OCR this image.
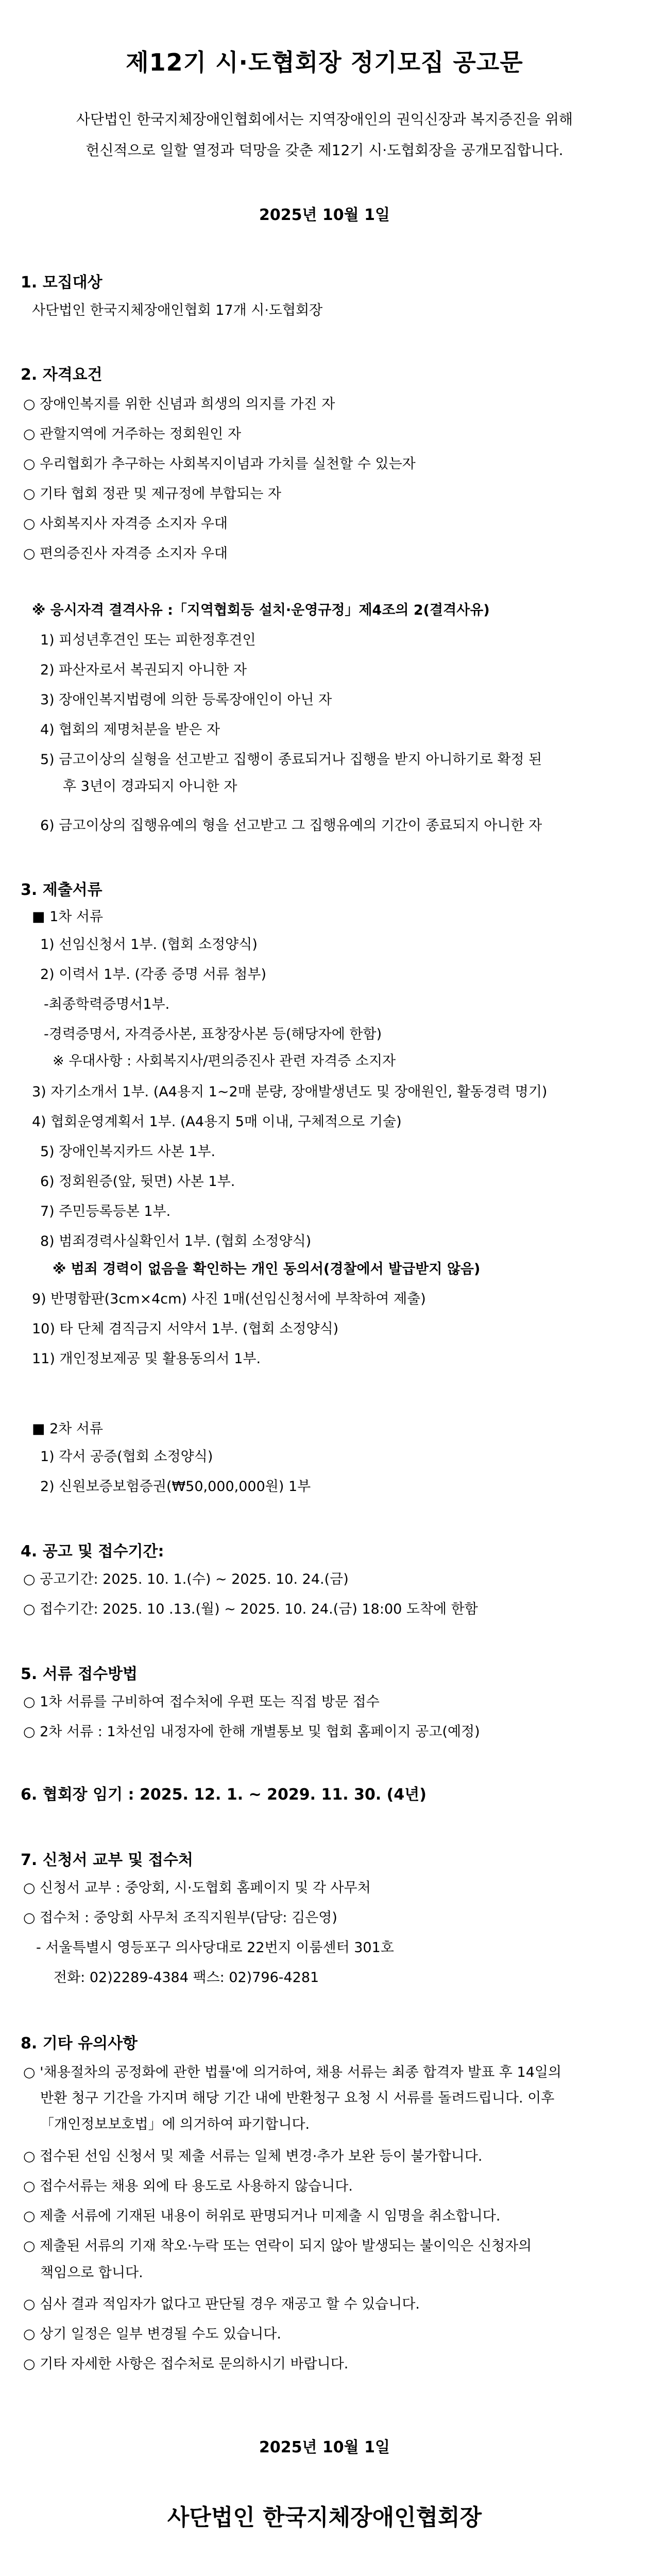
제12기 시·도협회장 정기모집 공고문
사단법인 한국지체장애인협회에서는 지역장애인의 권익신장과 복지증진을 위해
헌신적으로 일할 열정과 덕망을 갖춘 제12기 시·도협회장을 공개모집합니다.
2025년 10월 1일
1. 모집대상
사단법인 한국지체장애인협회 17개 시·도협회장
2. 자격요건
○ 장애인복지를 위한 신념과 희생의 의지를 가진 자
○ 관할지역에 거주하는 정회원인 자
○ 우리협회가 추구하는 사회복지이념과 가치를 실천할 수 있는자
○ 기타 협회 정관 및 제규정에 부합되는 자
○ 사회복지사 자격증 소지자 우대
○ 편의증진사 자격증 소지자 우대
※ 응시자격 결격사유 :「지역협회등 설치·운영규정」제4조의 2(결격사유)
1) 피성년후견인 또는 피한정후견인
2) 파산자로서 복권되지 아니한 자
3) 장애인복지법령에 의한 등록장애인이 아닌 자
4) 협회의 제명처분을 받은 자
5) 금고이상의 실형을 선고받고 집행이 종료되거나 집행을 받지 아니하기로 확정 된
후 3년이 경과되지 아니한 자
6) 금고이상의 집행유예의 형을 선고받고 그 집행유예의 기간이 종료되지 아니한 자
3. 제출서류
■ 1차 서류
1) 선임신청서 1부. (협회 소정양식)
2) 이력서 1부. (각종 증명 서류 첨부)
-최종학력증명서1부.
-경력증명서, 자격증사본, 표창장사본 등(해당자에 한함)
※ 우대사항 : 사회복지사/편의증진사 관련 자격증 소지자
3) 자기소개서 1부. (A4용지 1~2매 분량, 장애발생년도 및 장애원인, 활동경력 명기)
4) 협회운영계획서 1부. (A4용지 5매 이내, 구체적으로 기술)
5) 장애인복지카드 사본 1부.
6) 정회원증(앞, 뒷면) 사본 1부.
7) 주민등록등본 1부.
8) 범죄경력사실확인서 1부. (협회 소정양식)
※ 범죄 경력이 없음을 확인하는 개인 동의서(경찰에서 발급받지 않음)
9) 반명함판(3cm×4cm) 사진 1매(선임신청서에 부착하여 제출)
10) 타 단체 겸직금지 서약서 1부. (협회 소정양식)
11) 개인정보제공 및 활용동의서 1부.
■ 2차 서류
1) 각서 공증(협회 소정양식)
2) 신원보증보험증권(₩50,000,000원) 1부
4. 공고 및 접수기간:
○ 공고기간: 2025. 10. 1.(수) ~ 2025. 10. 24.(금)
○ 접수기간: 2025. 10 .13.(월) ~ 2025. 10. 24.(금) 18:00 도착에 한함
5. 서류 접수방법
○ 1차 서류를 구비하여 접수처에 우편 또는 직접 방문 접수
○ 2차 서류 : 1차선임 내정자에 한해 개별통보 및 협회 홈페이지 공고(예정)
6. 협회장 임기 : 2025. 12. 1. ~ 2029. 11. 30. (4년)
7. 신청서 교부 및 접수처
○ 신청서 교부 : 중앙회, 시·도협회 홈페이지 및 각 사무처
○ 접수처 : 중앙회 사무처 조직지원부(담당: 김은영)
- 서울특별시 영등포구 의사당대로 22번지 이룸센터 301호
전화: 02)2289-4384 팩스: 02)796-4281
8. 기타 유의사항
○ '채용절차의 공정화에 관한 법률'에 의거하여, 채용 서류는 최종 합격자 발표 후 14일의
반환 청구 기간을 가지며 해당 기간 내에 반환청구 요청 시 서류를 돌려드립니다. 이후
「개인정보보호법」에 의거하여 파기합니다.
○ 접수된 선임 신청서 및 제출 서류는 일체 변경·추가 보완 등이 불가합니다.
○ 접수서류는 채용 외에 타 용도로 사용하지 않습니다.
○ 제출 서류에 기재된 내용이 허위로 판명되거나 미제출 시 임명을 취소합니다.
○ 제출된 서류의 기재 착오·누락 또는 연락이 되지 않아 발생되는 불이익은 신청자의
책임으로 합니다.
○ 심사 결과 적임자가 없다고 판단될 경우 재공고 할 수 있습니다.
○ 상기 일정은 일부 변경될 수도 있습니다.
○ 기타 자세한 사항은 접수처로 문의하시기 바랍니다.
2025년 10월 1일
사단법인 한국지체장애인협회장
